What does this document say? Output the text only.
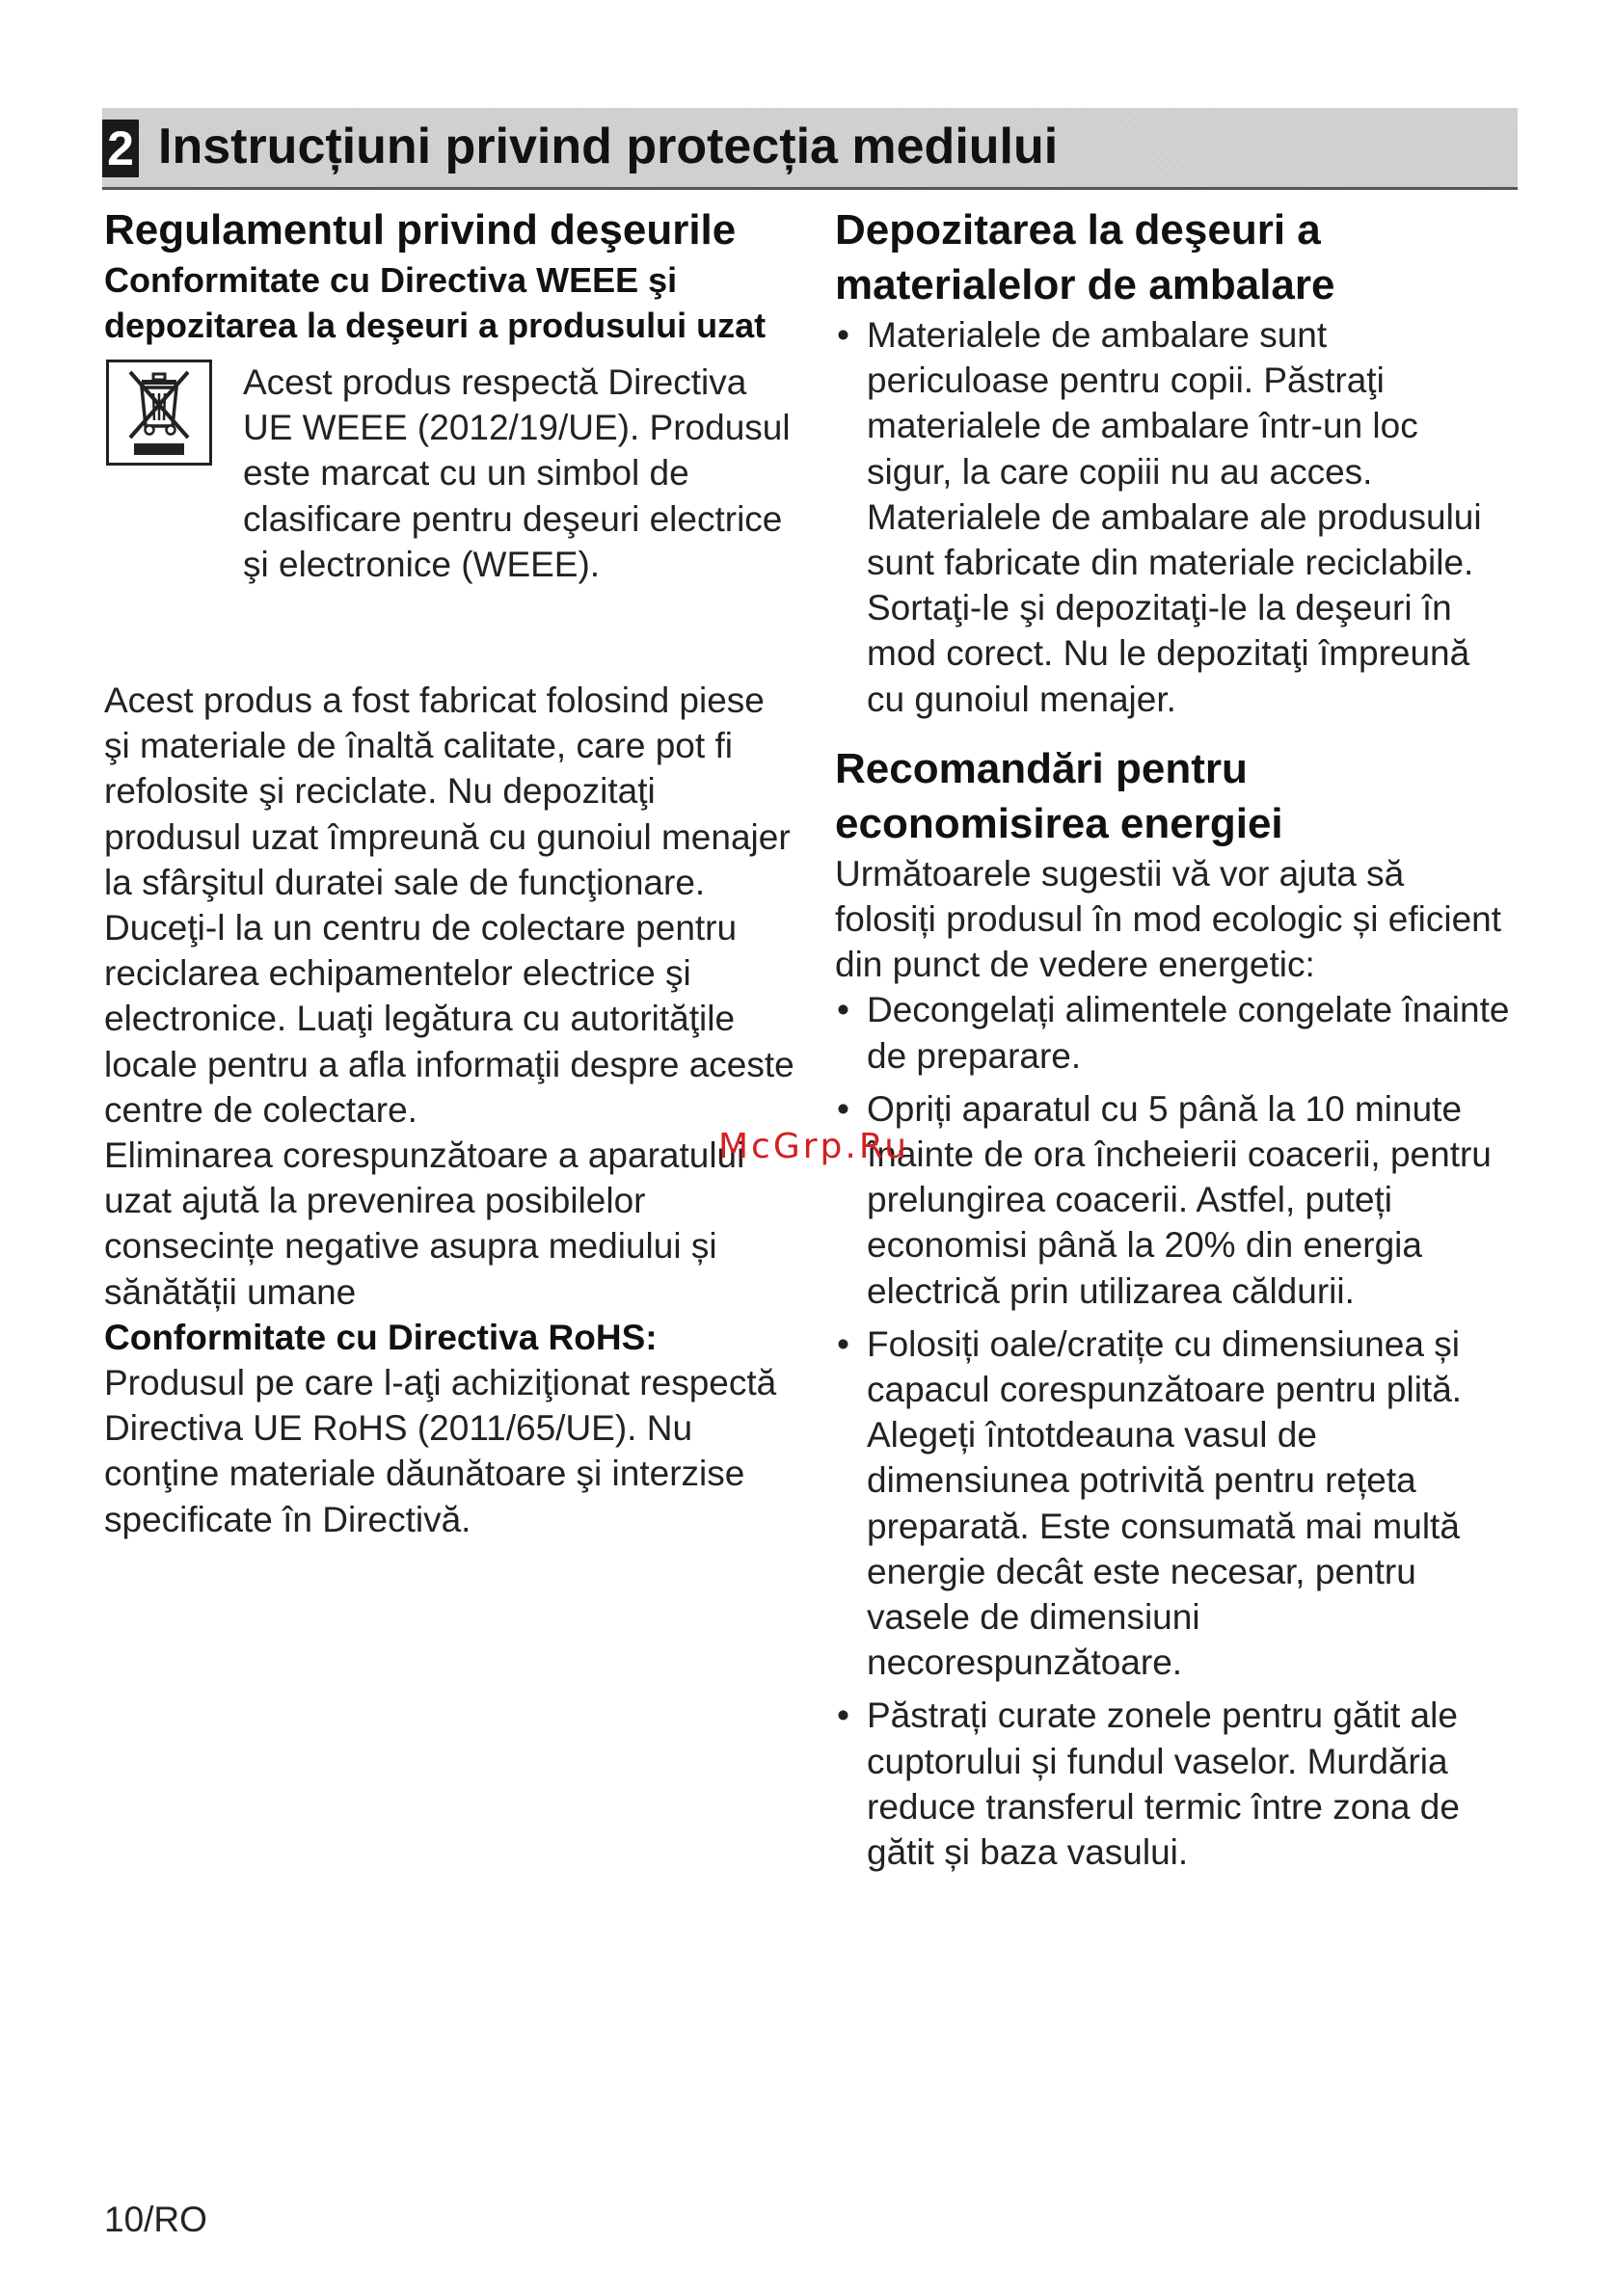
2 Instrucțiuni privind protecția mediului
Regulamentul privind deşeurile
Conformitate cu Directiva WEEE şi depozitarea la deşeuri a produsului uzat

Acest produs respectă Directiva UE WEEE (2012/19/UE). Produsul este marcat cu un simbol de clasificare pentru deşeuri electrice şi electronice (WEEE).

Acest produs a fost fabricat folosind piese şi materiale de înaltă calitate, care pot fi refolosite şi reciclate. Nu depozitaţi produsul uzat împreună cu gunoiul menajer la sfârşitul duratei sale de funcţionare. Duceţi-l la un centru de colectare pentru reciclarea echipamentelor electrice şi electronice. Luaţi legătura cu autorităţile locale pentru a afla informaţii despre aceste centre de colectare.

Eliminarea corespunzătoare a aparatului uzat ajută la prevenirea posibilelor consecințe negative asupra mediului și sănătății umane

Conformitate cu Directiva RoHS:

Produsul pe care l-aţi achiziţionat respectă Directiva UE RoHS (2011/65/UE). Nu conţine materiale dăunătoare şi interzise specificate în Directivă.

Depozitarea la deşeuri a materialelor de ambalare
• Materialele de ambalare sunt periculoase pentru copii. Păstraţi materialele de ambalare într-un loc sigur, la care copiii nu au acces. Materialele de ambalare ale produsului sunt fabricate din materiale reciclabile. Sortaţi-le şi depozitaţi-le la deşeuri în mod corect. Nu le depozitaţi împreună cu gunoiul menajer.
Recomandări pentru economisirea energiei

Următoarele sugestii vă vor ajuta să folosiți produsul în mod ecologic și eficient din punct de vedere energetic:

• Decongelați alimentele congelate înainte de preparare.
• Opriți aparatul cu 5 până la 10 minute înainte de ora încheierii coacerii, pentru prelungirea coacerii. Astfel, puteți economisi până la 20% din energia electrică prin utilizarea căldurii.
• Folosiți oale/cratițe cu dimensiunea și capacul corespunzătoare pentru plită. Alegeți întotdeauna vasul de dimensiunea potrivită pentru rețeta preparată. Este consumată mai multă energie decât este necesar, pentru vasele de dimensiuni necorespunzătoare.
• Păstrați curate zonele pentru gătit ale cuptorului și fundul vaselor. Murdăria reduce transferul termic între zona de gătit și baza vasului.
McGrp.Ru
10/RO
